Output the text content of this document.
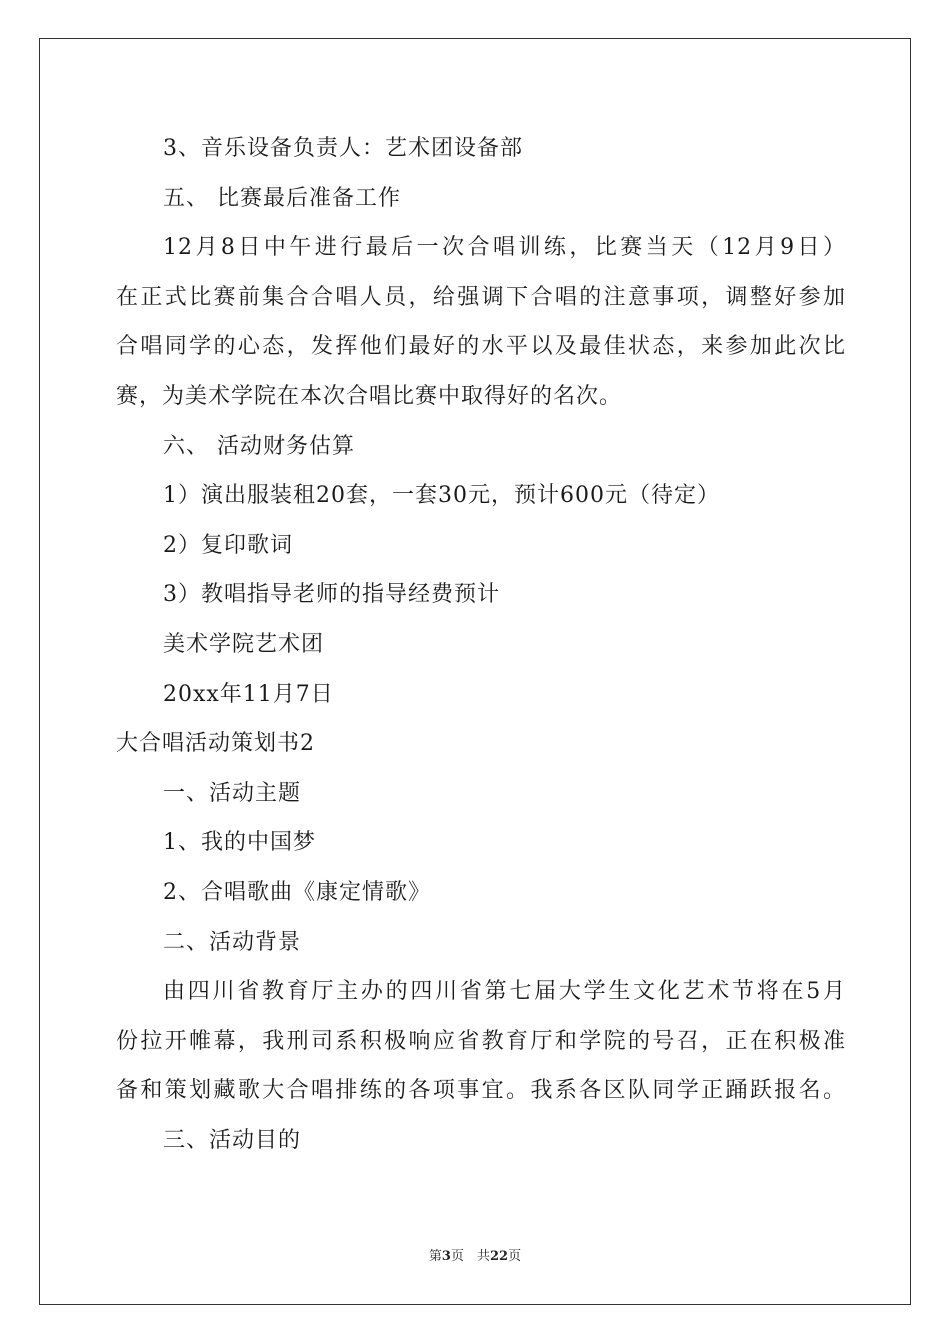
3、音乐设备负责人：艺术团设备部
五、 比赛最后准备工作
12月8日中午进行最后一次合唱训练，比赛当天（12月9日）
在正式比赛前集合合唱人员，给强调下合唱的注意事项，调整好参加
合唱同学的心态，发挥他们最好的水平以及最佳状态，来参加此次比
赛，为美术学院在本次合唱比赛中取得好的名次。
六、 活动财务估算
1）演出服装租20套，一套30元，预计600元（待定）
2）复印歌词
3）教唱指导老师的指导经费预计
美术学院艺术团
20xx年11月7日
大合唱活动策划书2
一、活动主题
1、我的中国梦
2、合唱歌曲《康定情歌》
二、活动背景
由四川省教育厅主办的四川省第七届大学生文化艺术节将在5月
份拉开帷幕，我刑司系积极响应省教育厅和学院的号召，正在积极准
备和策划藏歌大合唱排练的各项事宜。我系各区队同学正踊跃报名。
三、活动目的
第3页　共22页
